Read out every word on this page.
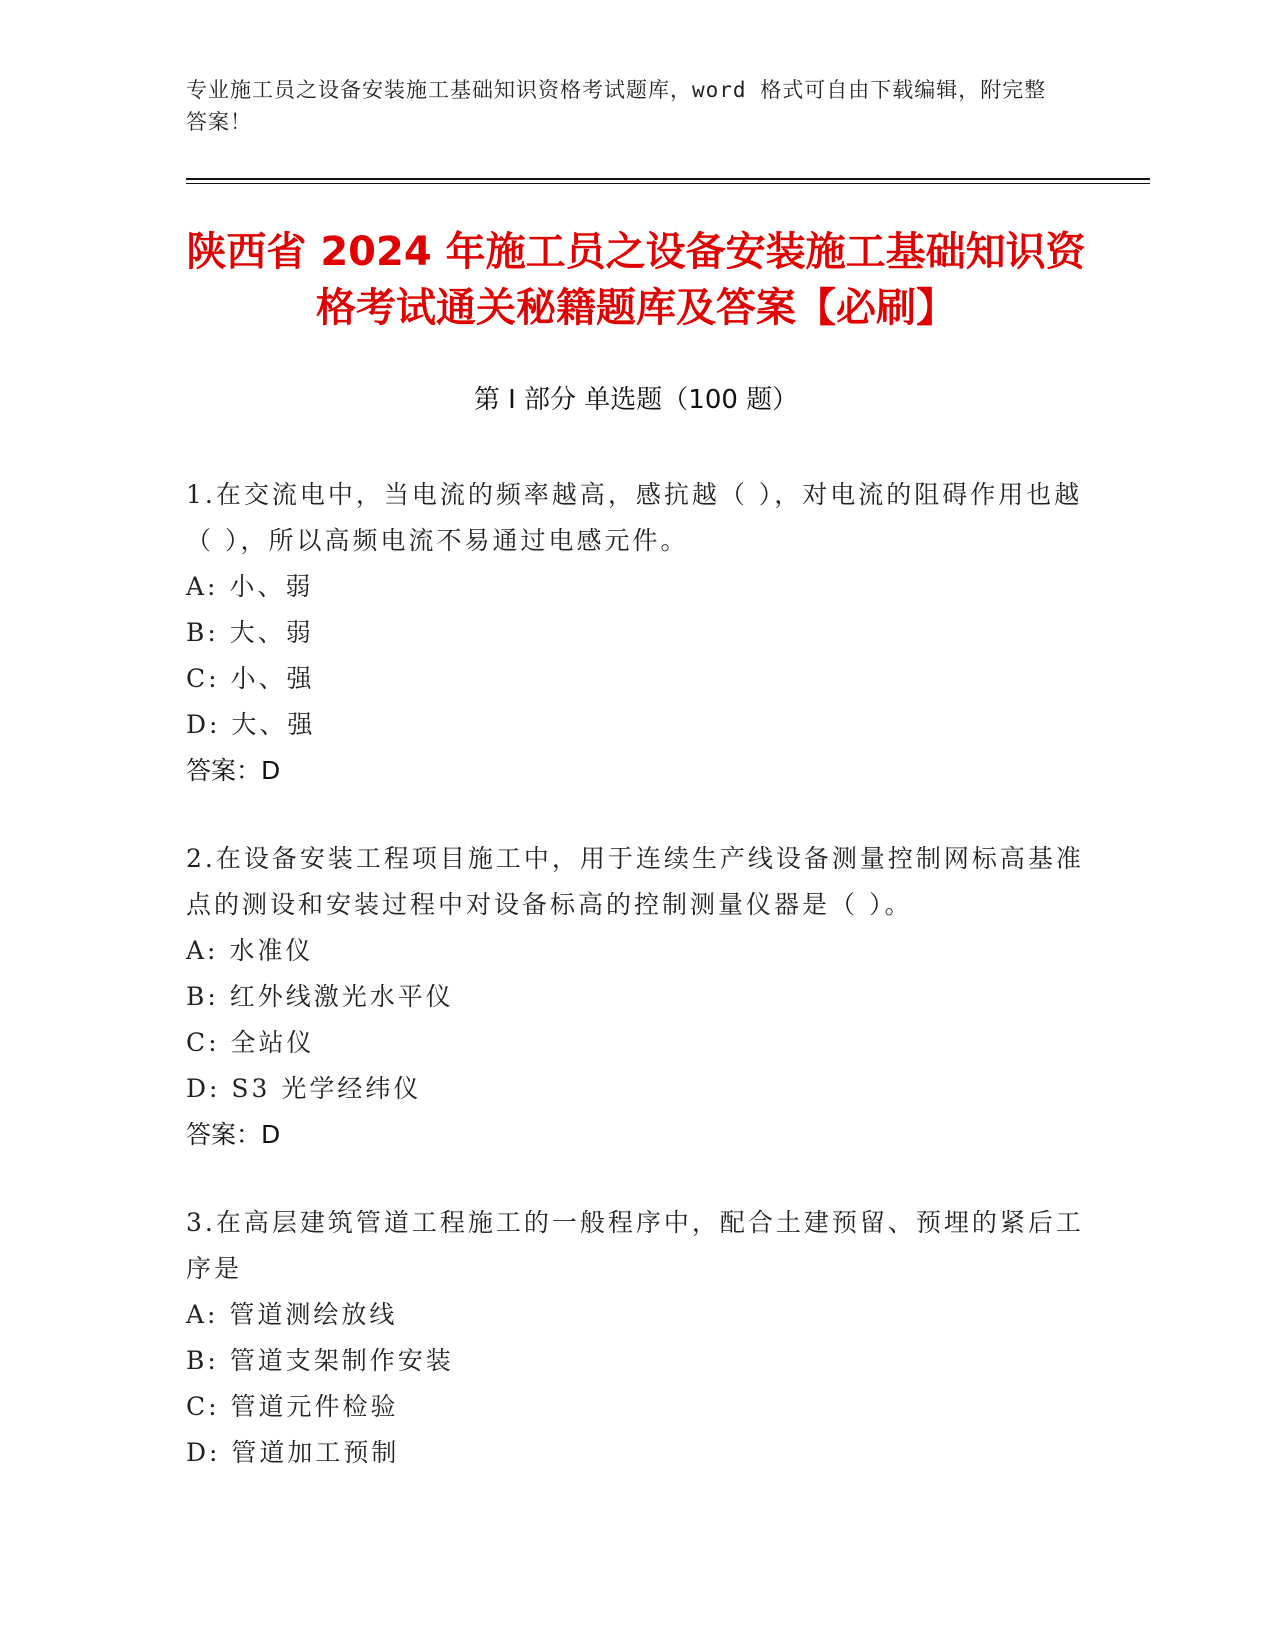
专业施工员之设备安装施工基础知识资格考试题库，word 格式可自由下载编辑，附完整答案！
陕西省 2024 年施工员之设备安装施工基础知识资格考试通关秘籍题库及答案【必刷】
第 I 部分 单选题（100 题）
1.在交流电中，当电流的频率越高，感抗越（ ），对电流的阻碍作用也越（ ），所以高频电流不易通过电感元件。
A: 小、弱
B: 大、弱
C: 小、强
D: 大、强
答案：D
2.在设备安装工程项目施工中，用于连续生产线设备测量控制网标高基准点的测设和安装过程中对设备标高的控制测量仪器是（ ）。
A: 水准仪
B: 红外线激光水平仪
C: 全站仪
D: S3 光学经纬仪
答案：D
3.在高层建筑管道工程施工的一般程序中，配合土建预留、预埋的紧后工序是
A: 管道测绘放线
B: 管道支架制作安装
C: 管道元件检验
D: 管道加工预制
